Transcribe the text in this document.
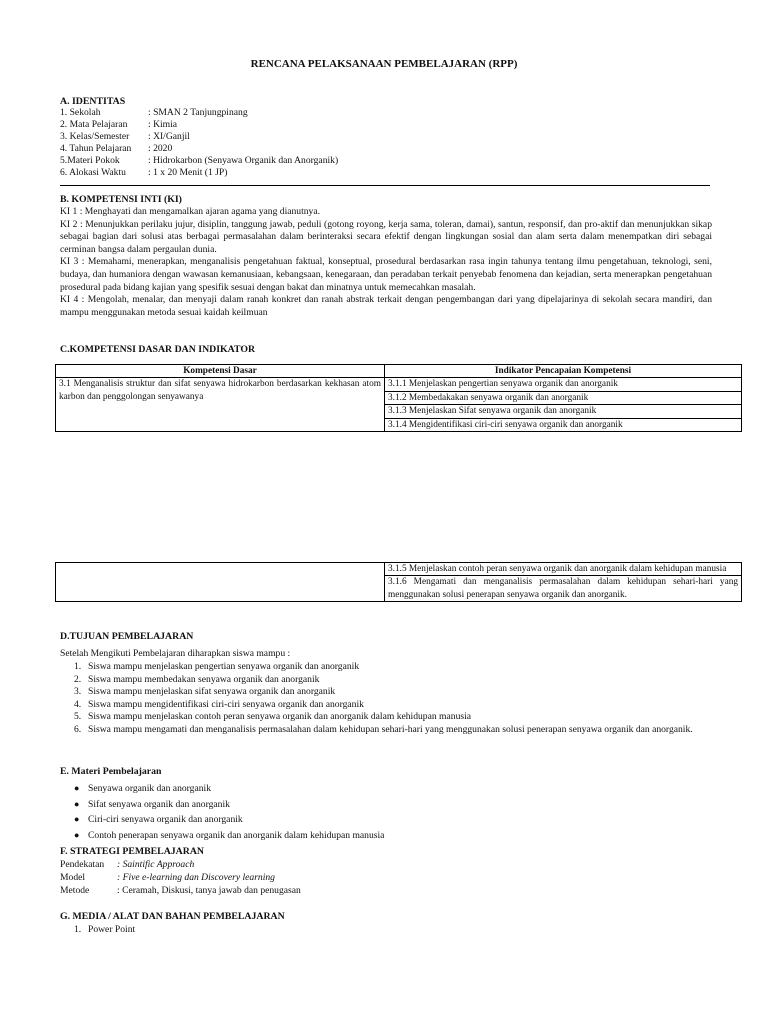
RENCANA PELAKSANAAN PEMBELAJARAN (RPP)
A. IDENTITAS
1. Sekolah	: SMAN 2 Tanjungpinang
2. Mata Pelajaran	: Kimia
3. Kelas/Semester	: XI/Ganjil
4. Tahun Pelajaran	: 2020
5.Materi Pokok	: Hidrokarbon (Senyawa Organik dan Anorganik)
6. Alokasi Waktu	: 1 x 20 Menit (1 JP)
B. KOMPETENSI INTI (KI)
KI 1 : Menghayati dan mengamalkan ajaran agama yang dianutnya.
KI 2 : Menunjukkan perilaku jujur, disiplin, tanggung jawab, peduli (gotong royong, kerja sama, toleran, damai), santun, responsif, dan pro-aktif dan menunjukkan sikap sebagai bagian dari solusi atas berbagai permasalahan dalam berinteraksi secara efektif dengan lingkungan sosial dan alam serta dalam menempatkan diri sebagai cerminan bangsa dalam pergaulan dunia.
KI 3 : Memahami, menerapkan, menganalisis pengetahuan faktual, konseptual, prosedural berdasarkan rasa ingin tahunya tentang ilmu pengetahuan, teknologi, seni, budaya, dan humaniora dengan wawasan kemanusiaan, kebangsaan, kenegaraan, dan peradaban terkait penyebab fenomena dan kejadian, serta menerapkan pengetahuan prosedural pada bidang kajian yang spesifik sesuai dengan bakat dan minatnya untuk memecahkan masalah.
KI 4 : Mengolah, menalar, dan menyaji dalam ranah konkret dan ranah abstrak terkait dengan pengembangan dari yang dipelajarinya di sekolah secara mandiri, dan mampu menggunakan metoda sesuai kaidah keilmuan
C.KOMPETENSI DASAR DAN INDIKATOR
Kompetensi Dasar	Indikator Pencapaian Kompetensi
3.1 Menganalisis struktur dan sifat senyawa hidrokarbon berdasarkan kekhasan atom karbon dan penggolongan senyawanya	3.1.1 Menjelaskan pengertian senyawa organik dan anorganik
3.1.2 Membedakakan senyawa organik dan anorganik
3.1.3 Menjelaskan Sifat senyawa organik dan anorganik
3.1.4 Mengidentifikasi ciri-ciri senyawa organik dan anorganik

3.1.5 Menjelaskan contoh peran senyawa organik dan anorganik dalam kehidupan manusia
3.1.6 Mengamati dan menganalisis permasalahan dalam kehidupan sehari-hari yang menggunakan solusi penerapan senyawa organik dan anorganik.
D.TUJUAN PEMBELAJARAN
Setelah Mengikuti Pembelajaran diharapkan siswa mampu :
1. Siswa mampu menjelaskan pengertian senyawa organik dan anorganik
2. Siswa mampu membedakan senyawa organik dan anorganik
3. Siswa mampu menjelaskan sifat senyawa organik dan anorganik
4. Siswa mampu mengidentifikasi ciri-ciri senyawa organik dan anorganik
5. Siswa mampu menjelaskan contoh peran senyawa organik dan anorganik dalam kehidupan manusia
6. Siswa mampu mengamati dan menganalisis permasalahan dalam kehidupan sehari-hari yang menggunakan solusi penerapan senyawa organik dan anorganik.
E. Materi Pembelajaran
● Senyawa organik dan anorganik
● Sifat senyawa organik dan anorganik
● Ciri-ciri senyawa organik dan anorganik
● Contoh penerapan senyawa organik dan anorganik dalam kehidupan manusia
F. STRATEGI PEMBELAJARAN
Pendekatan : Saintific Approach
Model	: Five e-learning dan Discovery learning
Metode	: Ceramah, Diskusi, tanya jawab dan penugasan
G. MEDIA / ALAT DAN BAHAN PEMBELAJARAN
1. Power Point
